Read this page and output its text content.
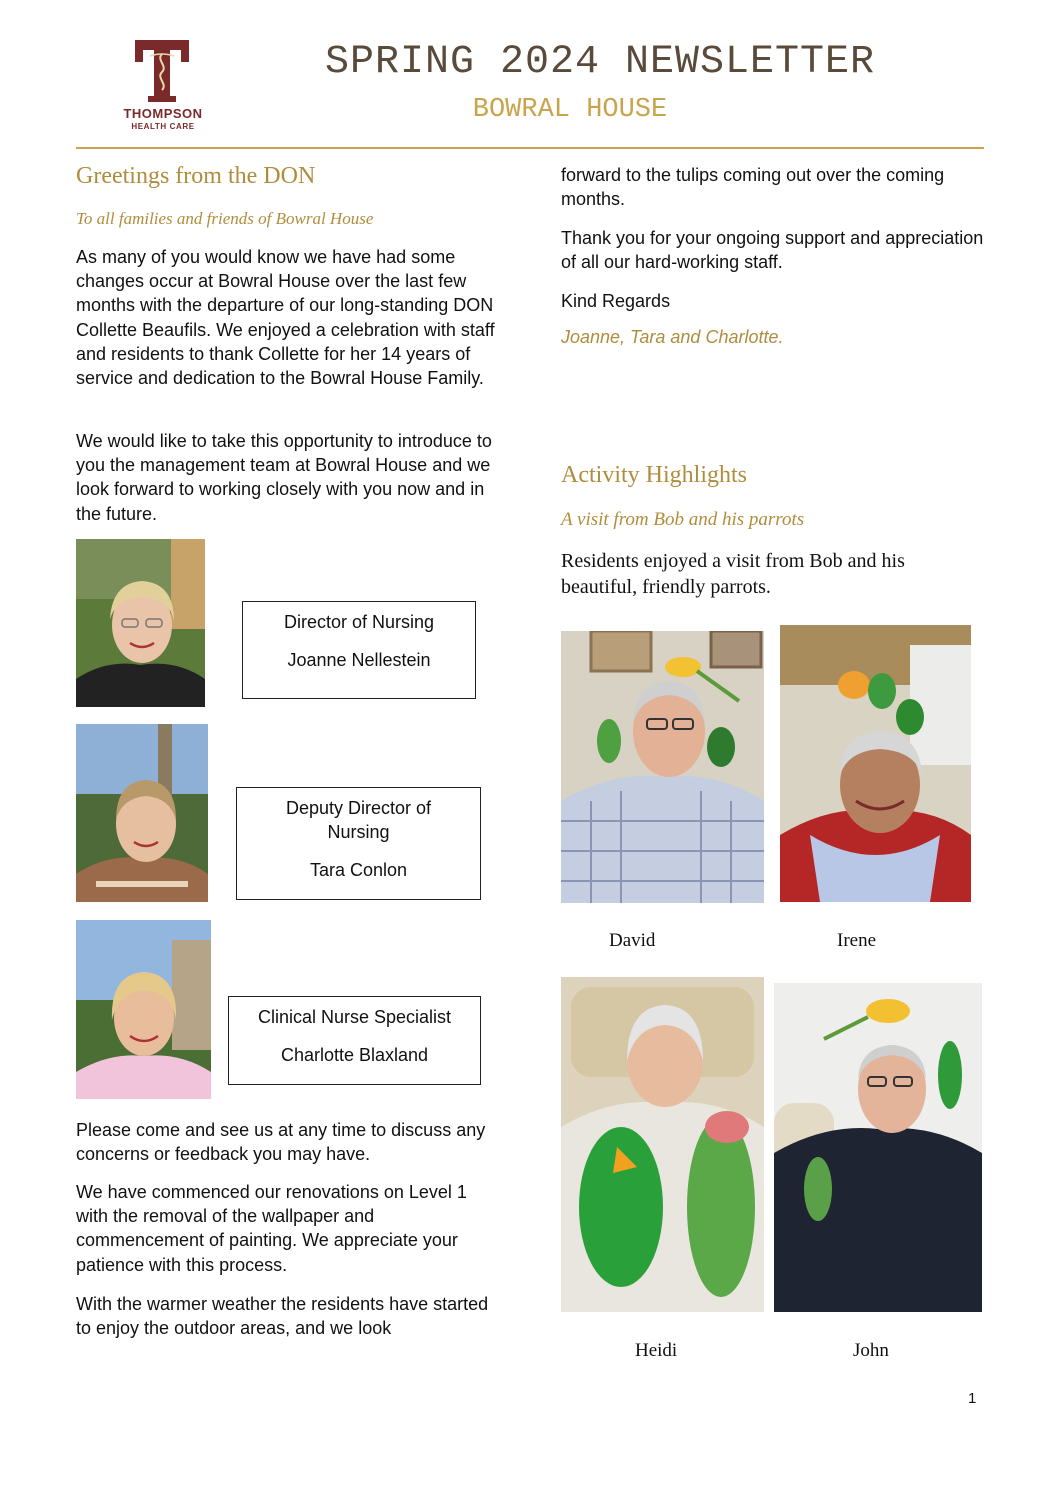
THOMPSON
HEALTH CARE
SPRING 2024 NEWSLETTER
BOWRAL HOUSE
Greetings from the DON
To all families and friends of Bowral House
As many of you would know we have had some changes occur at Bowral House over the last few months with the departure of our long-standing DON Collette Beaufils. We enjoyed a celebration with staff and residents to thank Collette for her 14 years of service and dedication to the Bowral House Family.
We would like to take this opportunity to introduce to you the management team at Bowral House and we look forward to working closely with you now and in the future.
Director of Nursing
Joanne Nellestein
Deputy Director of Nursing
Tara Conlon
Clinical Nurse Specialist
Charlotte Blaxland
Please come and see us at any time to discuss any concerns or feedback you may have.
We have commenced our renovations on Level 1 with the removal of the wallpaper and commencement of painting. We appreciate your patience with this process.
With the warmer weather the residents have started to enjoy the outdoor areas, and we look
forward to the tulips coming out over the coming months.
Thank you for your ongoing support and appreciation of all our hard-working staff.
Kind Regards
Joanne, Tara and Charlotte.
Activity Highlights
A visit from Bob and his parrots
Residents enjoyed a visit from Bob and his beautiful, friendly parrots.
David	Irene
Heidi	John
1
